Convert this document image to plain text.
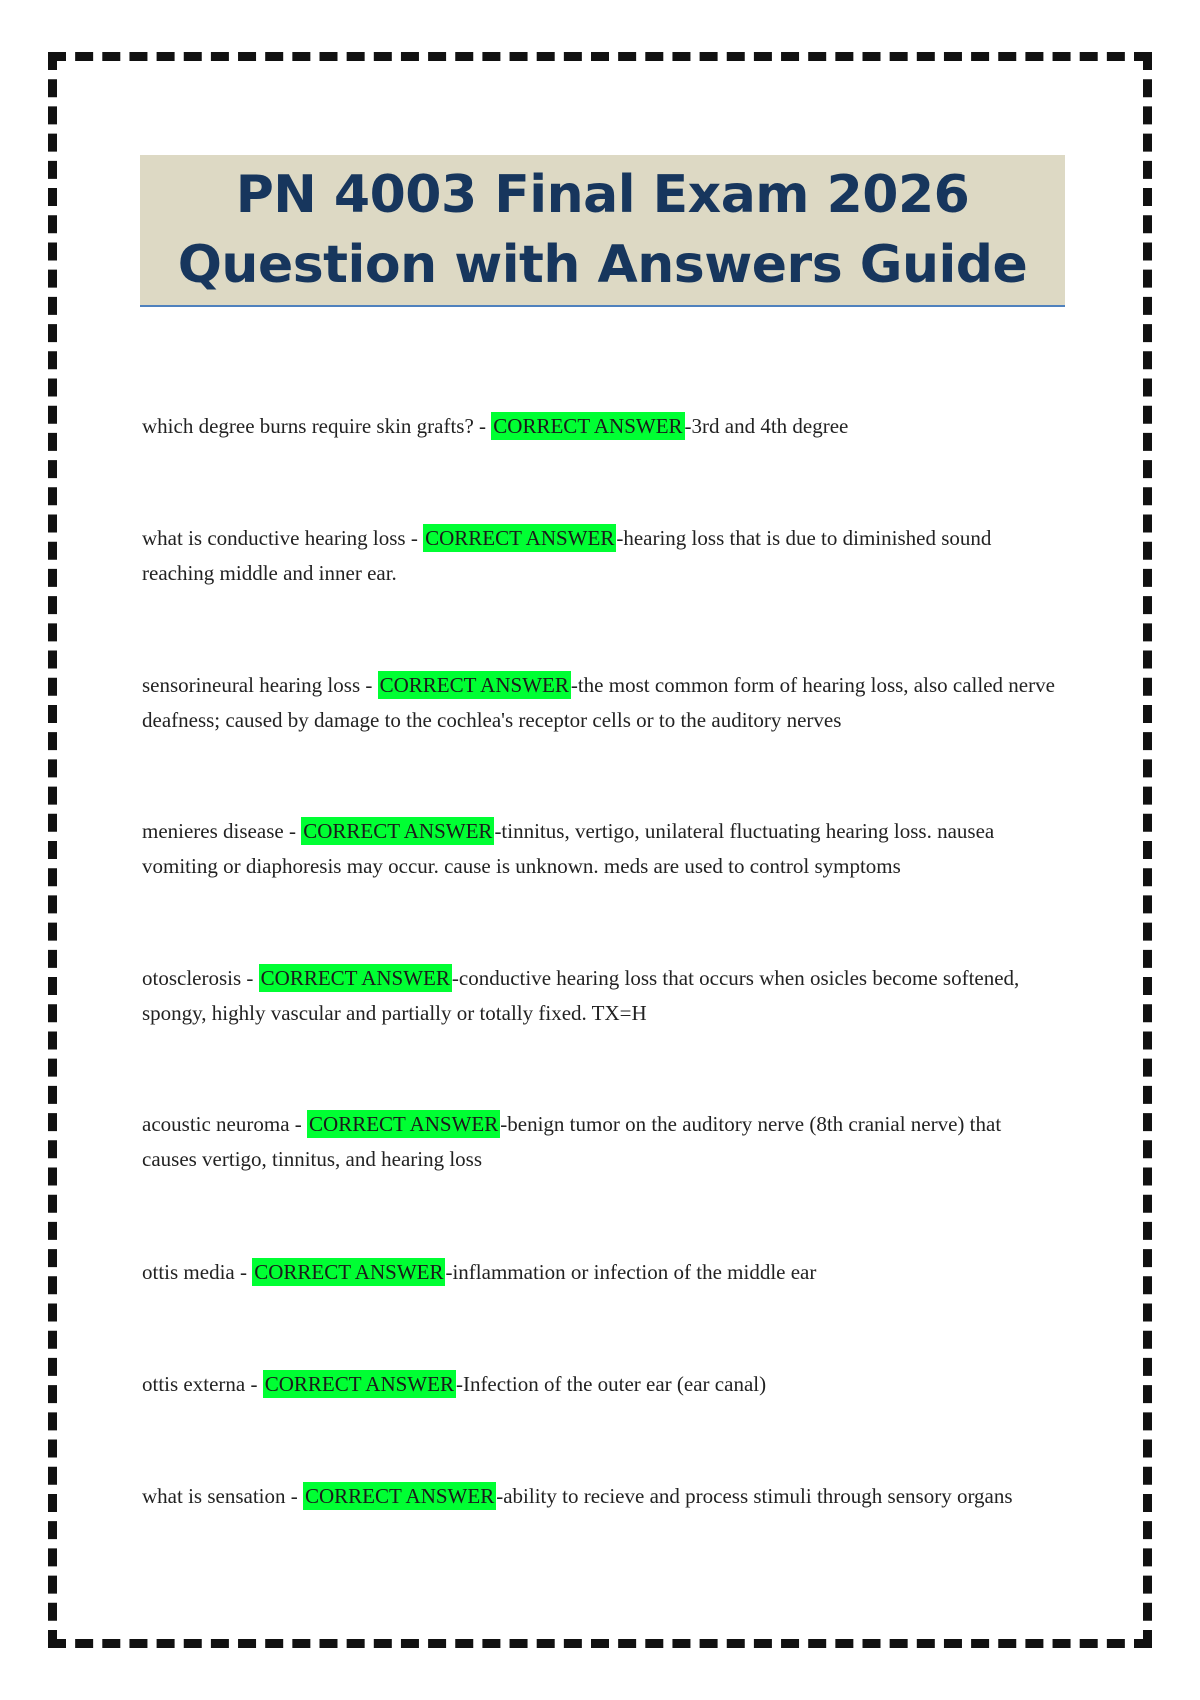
PN 4003 Final Exam 2026 Question with Answers Guide

which degree burns require skin grafts? - CORRECT ANSWER-3rd and 4th degree

what is conductive hearing loss - CORRECT ANSWER-hearing loss that is due to diminished sound reaching middle and inner ear.

sensorineural hearing loss - CORRECT ANSWER-the most common form of hearing loss, also called nerve deafness; caused by damage to the cochlea's receptor cells or to the auditory nerves

menieres disease - CORRECT ANSWER-tinnitus, vertigo, unilateral fluctuating hearing loss. nausea vomiting or diaphoresis may occur. cause is unknown. meds are used to control symptoms

otosclerosis - CORRECT ANSWER-conductive hearing loss that occurs when osicles become softened, spongy, highly vascular and partially or totally fixed. TX=H

acoustic neuroma - CORRECT ANSWER-benign tumor on the auditory nerve (8th cranial nerve) that causes vertigo, tinnitus, and hearing loss

ottis media - CORRECT ANSWER-inflammation or infection of the middle ear

ottis externa - CORRECT ANSWER-Infection of the outer ear (ear canal)

what is sensation - CORRECT ANSWER-ability to recieve and process stimuli through sensory organs
